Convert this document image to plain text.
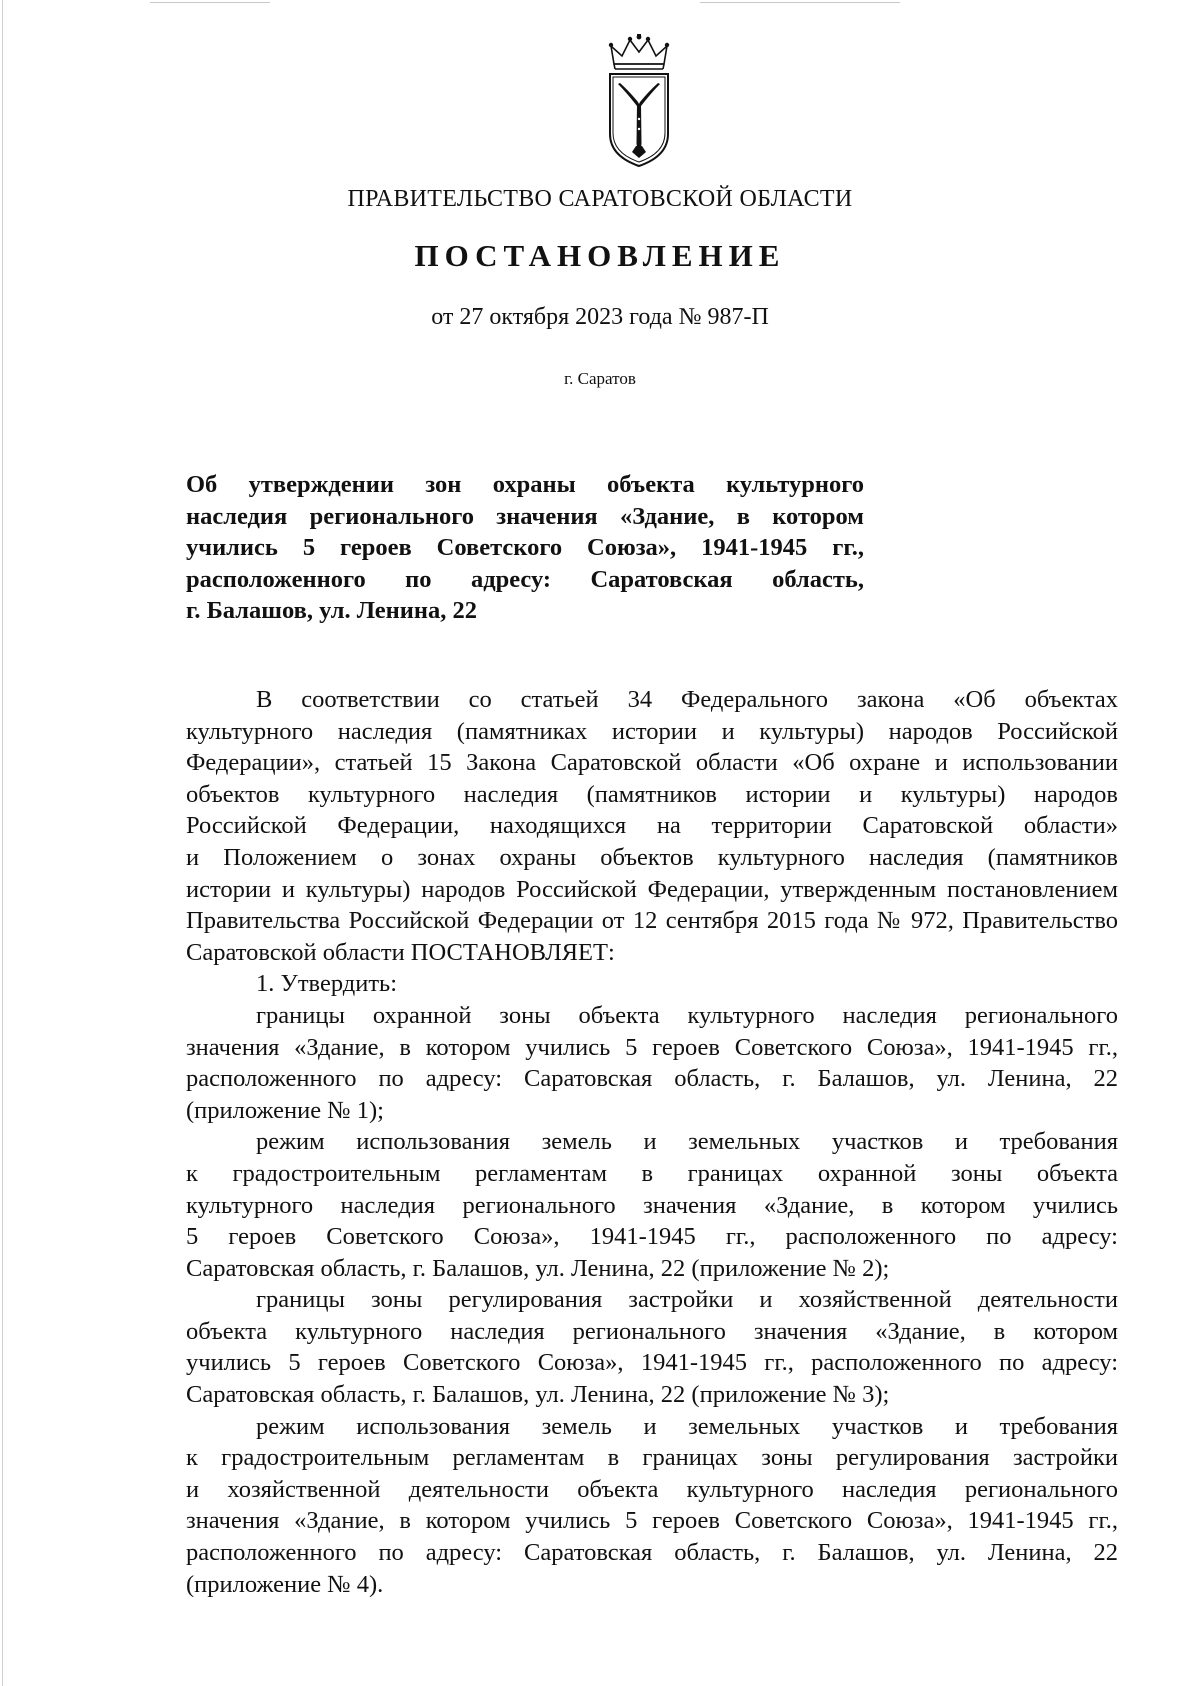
ПРАВИТЕЛЬСТВО САРАТОВСКОЙ ОБЛАСТИ
ПОСТАНОВЛЕНИЕ
от 27 октября 2023 года № 987-П
г. Саратов
Об утверждении зон охраны объекта культурного
наследия регионального значения «Здание, в котором
учились 5 героев Советского Союза», 1941-1945 гг.,
расположенного по адресу: Саратовская область,
г. Балашов, ул. Ленина, 22
В соответствии со статьей 34 Федерального закона «Об объектах
культурного наследия (памятниках истории и культуры) народов Российской
Федерации», статьей 15 Закона Саратовской области «Об охране и использовании
объектов культурного наследия (памятников истории и культуры) народов
Российской Федерации, находящихся на территории Саратовской области»
и Положением о зонах охраны объектов культурного наследия (памятников
истории и культуры) народов Российской Федерации, утвержденным постановлением
Правительства Российской Федерации от 12 сентября 2015 года № 972, Правительство
Саратовской области ПОСТАНОВЛЯЕТ:
1. Утвердить:
границы охранной зоны объекта культурного наследия регионального
значения «Здание, в котором учились 5 героев Советского Союза», 1941-1945 гг.,
расположенного по адресу: Саратовская область, г. Балашов, ул. Ленина, 22
(приложение № 1);
режим использования земель и земельных участков и требования
к градостроительным регламентам в границах охранной зоны объекта
культурного наследия регионального значения «Здание, в котором учились
5 героев Советского Союза», 1941-1945 гг., расположенного по адресу:
Саратовская область, г. Балашов, ул. Ленина, 22 (приложение № 2);
границы зоны регулирования застройки и хозяйственной деятельности
объекта культурного наследия регионального значения «Здание, в котором
учились 5 героев Советского Союза», 1941-1945 гг., расположенного по адресу:
Саратовская область, г. Балашов, ул. Ленина, 22 (приложение № 3);
режим использования земель и земельных участков и требования
к градостроительным регламентам в границах зоны регулирования застройки
и хозяйственной деятельности объекта культурного наследия регионального
значения «Здание, в котором учились 5 героев Советского Союза», 1941-1945 гг.,
расположенного по адресу: Саратовская область, г. Балашов, ул. Ленина, 22
(приложение № 4).
